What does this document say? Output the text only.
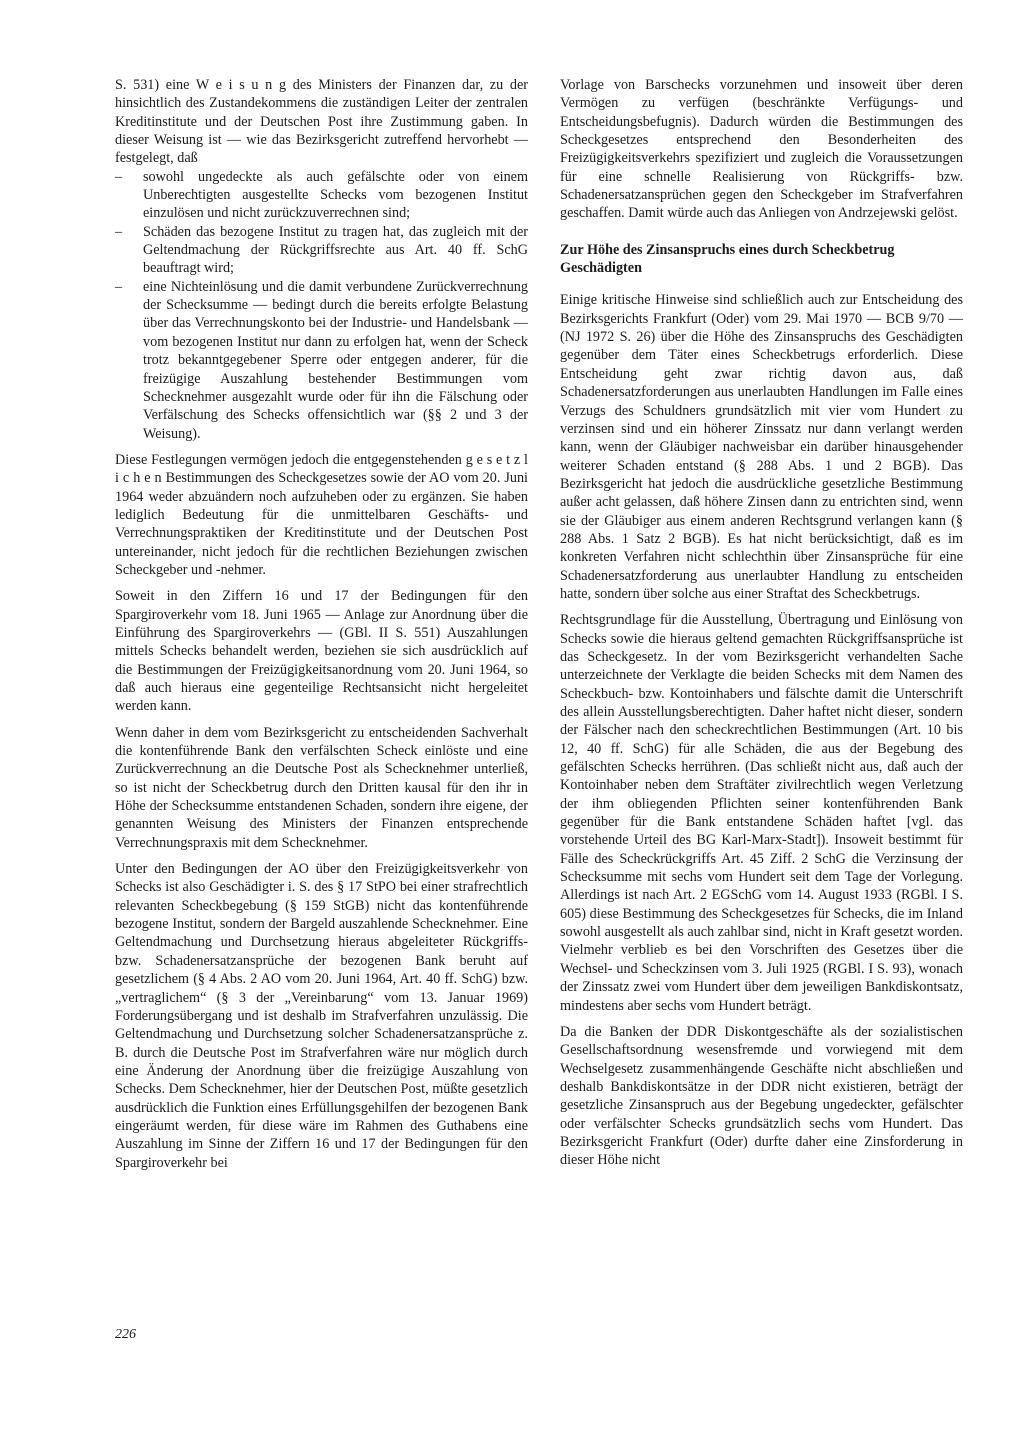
S. 531) eine W e i s u n g des Ministers der Finanzen dar, zu der hinsichtlich des Zustandekommens die zuständigen Leiter der zentralen Kreditinstitute und der Deutschen Post ihre Zustimmung gaben. In dieser Weisung ist — wie das Bezirksgericht zutreffend hervorhebt — festgelegt, daß

– sowohl ungedeckte als auch gefälschte oder von einem Unberechtigten ausgestellte Schecks vom bezogenen Institut einzulösen und nicht zurückzuverrechnen sind;
– Schäden das bezogene Institut zu tragen hat, das zugleich mit der Geltendmachung der Rückgriffsrechte aus Art. 40 ff. SchG beauftragt wird;
– eine Nichteinlösung und die damit verbundene Zurückverrechnung der Schecksumme — bedingt durch die bereits erfolgte Belastung über das Verrechnungskonto bei der Industrie- und Handelsbank — vom bezogenen Institut nur dann zu erfolgen hat, wenn der Scheck trotz bekanntgegebener Sperre oder entgegen anderer, für die freizügige Auszahlung bestehender Bestimmungen vom Schecknehmer ausgezahlt wurde oder für ihn die Fälschung oder Verfälschung des Schecks offensichtlich war (§§ 2 und 3 der Weisung).

Diese Festlegungen vermögen jedoch die entgegenstehenden g e s e t z l i c h e n Bestimmungen des Scheckgesetzes sowie der AO vom 20. Juni 1964 weder abzuändern noch aufzuheben oder zu ergänzen. Sie haben lediglich Bedeutung für die unmittelbaren Geschäfts- und Verrechnungspraktiken der Kreditinstitute und der Deutschen Post untereinander, nicht jedoch für die rechtlichen Beziehungen zwischen Scheckgeber und -nehmer.

Soweit in den Ziffern 16 und 17 der Bedingungen für den Spargiroverkehr vom 18. Juni 1965 — Anlage zur Anordnung über die Einführung des Spargiroverkehrs — (GBl. II S. 551) Auszahlungen mittels Schecks behandelt werden, beziehen sie sich ausdrücklich auf die Bestimmungen der Freizügigkeitsanordnung vom 20. Juni 1964, so daß auch hieraus eine gegenteilige Rechtsansicht nicht hergeleitet werden kann.

Wenn daher in dem vom Bezirksgericht zu entscheidenden Sachverhalt die kontenführende Bank den verfälschten Scheck einlöste und eine Zurückverrechnung an die Deutsche Post als Schecknehmer unterließ, so ist nicht der Scheckbetrug durch den Dritten kausal für den ihr in Höhe der Schecksumme entstandenen Schaden, sondern ihre eigene, der genannten Weisung des Ministers der Finanzen entsprechende Verrechnungspraxis mit dem Schecknehmer.

Unter den Bedingungen der AO über den Freizügigkeitsverkehr von Schecks ist also Geschädigter i. S. des § 17 StPO bei einer strafrechtlich relevanten Scheckbegebung (§ 159 StGB) nicht das kontenführende bezogene Institut, sondern der Bargeld auszahlende Schecknehmer. Eine Geltendmachung und Durchsetzung hieraus abgeleiteter Rückgriffs- bzw. Schadenersatzansprüche der bezogenen Bank beruht auf gesetzlichem (§ 4 Abs. 2 AO vom 20. Juni 1964, Art. 40 ff. SchG) bzw. „vertraglichem“ (§ 3 der „Vereinbarung“ vom 13. Januar 1969) Forderungsübergang und ist deshalb im Strafverfahren unzulässig. Die Geltendmachung und Durchsetzung solcher Schadenersatzansprüche z. B. durch die Deutsche Post im Strafverfahren wäre nur möglich durch eine Änderung der Anordnung über die freizügige Auszahlung von Schecks. Dem Schecknehmer, hier der Deutschen Post, müßte gesetzlich ausdrücklich die Funktion eines Erfüllungsgehilfen der bezogenen Bank eingeräumt werden, für diese wäre im Rahmen des Guthabens eine Auszahlung im Sinne der Ziffern 16 und 17 der Bedingungen für den Spargiroverkehr bei

Vorlage von Barschecks vorzunehmen und insoweit über deren Vermögen zu verfügen (beschränkte Verfügungs- und Entscheidungsbefugnis). Dadurch würden die Bestimmungen des Scheckgesetzes entsprechend den Besonderheiten des Freizügigkeitsverkehrs spezifiziert und zugleich die Voraussetzungen für eine schnelle Realisierung von Rückgriffs- bzw. Schadenersatzansprüchen gegen den Scheckgeber im Strafverfahren geschaffen. Damit würde auch das Anliegen von Andrzejewski gelöst.

Zur Höhe des Zinsanspruchs eines durch Scheckbetrug Geschädigten

Einige kritische Hinweise sind schließlich auch zur Entscheidung des Bezirksgerichts Frankfurt (Oder) vom 29. Mai 1970 — BCB 9/70 — (NJ 1972 S. 26) über die Höhe des Zinsanspruchs des Geschädigten gegenüber dem Täter eines Scheckbetrugs erforderlich. Diese Entscheidung geht zwar richtig davon aus, daß Schadenersatzforderungen aus unerlaubten Handlungen im Falle eines Verzugs des Schuldners grundsätzlich mit vier vom Hundert zu verzinsen sind und ein höherer Zinssatz nur dann verlangt werden kann, wenn der Gläubiger nachweisbar ein darüber hinausgehender weiterer Schaden entstand (§ 288 Abs. 1 und 2 BGB). Das Bezirksgericht hat jedoch die ausdrückliche gesetzliche Bestimmung außer acht gelassen, daß höhere Zinsen dann zu entrichten sind, wenn sie der Gläubiger aus einem anderen Rechtsgrund verlangen kann (§ 288 Abs. 1 Satz 2 BGB). Es hat nicht berücksichtigt, daß es im konkreten Verfahren nicht schlechthin über Zinsansprüche für eine Schadenersatzforderung aus unerlaubter Handlung zu entscheiden hatte, sondern über solche aus einer Straftat des Scheckbetrugs.

Rechtsgrundlage für die Ausstellung, Übertragung und Einlösung von Schecks sowie die hieraus geltend gemachten Rückgriffsansprüche ist das Scheckgesetz. In der vom Bezirksgericht verhandelten Sache unterzeichnete der Verklagte die beiden Schecks mit dem Namen des Scheckbuch- bzw. Kontoinhabers und fälschte damit die Unterschrift des allein Ausstellungsberechtigten. Daher haftet nicht dieser, sondern der Fälscher nach den scheckrechtlichen Bestimmungen (Art. 10 bis 12, 40 ff. SchG) für alle Schäden, die aus der Begebung des gefälschten Schecks herrühren. (Das schließt nicht aus, daß auch der Kontoinhaber neben dem Straftäter zivilrechtlich wegen Verletzung der ihm obliegenden Pflichten seiner kontenführenden Bank gegenüber für die Bank entstandene Schäden haftet [vgl. das vorstehende Urteil des BG Karl-Marx-Stadt]). Insoweit bestimmt für Fälle des Scheckrückgriffs Art. 45 Ziff. 2 SchG die Verzinsung der Schecksumme mit sechs vom Hundert seit dem Tage der Vorlegung. Allerdings ist nach Art. 2 EGSchG vom 14. August 1933 (RGBl. I S. 605) diese Bestimmung des Scheckgesetzes für Schecks, die im Inland sowohl ausgestellt als auch zahlbar sind, nicht in Kraft gesetzt worden. Vielmehr verblieb es bei den Vorschriften des Gesetzes über die Wechsel- und Scheckzinsen vom 3. Juli 1925 (RGBl. I S. 93), wonach der Zinssatz zwei vom Hundert über dem jeweiligen Bankdiskontsatz, mindestens aber sechs vom Hundert beträgt.

Da die Banken der DDR Diskontgeschäfte als der sozialistischen Gesellschaftsordnung wesensfremde und vorwiegend mit dem Wechselgesetz zusammenhängende Geschäfte nicht abschließen und deshalb Bankdiskontsätze in der DDR nicht existieren, beträgt der gesetzliche Zinsanspruch aus der Begebung ungedeckter, gefälschter oder verfälschter Schecks grundsätzlich sechs vom Hundert. Das Bezirksgericht Frankfurt (Oder) durfte daher eine Zinsforderung in dieser Höhe nicht

226
